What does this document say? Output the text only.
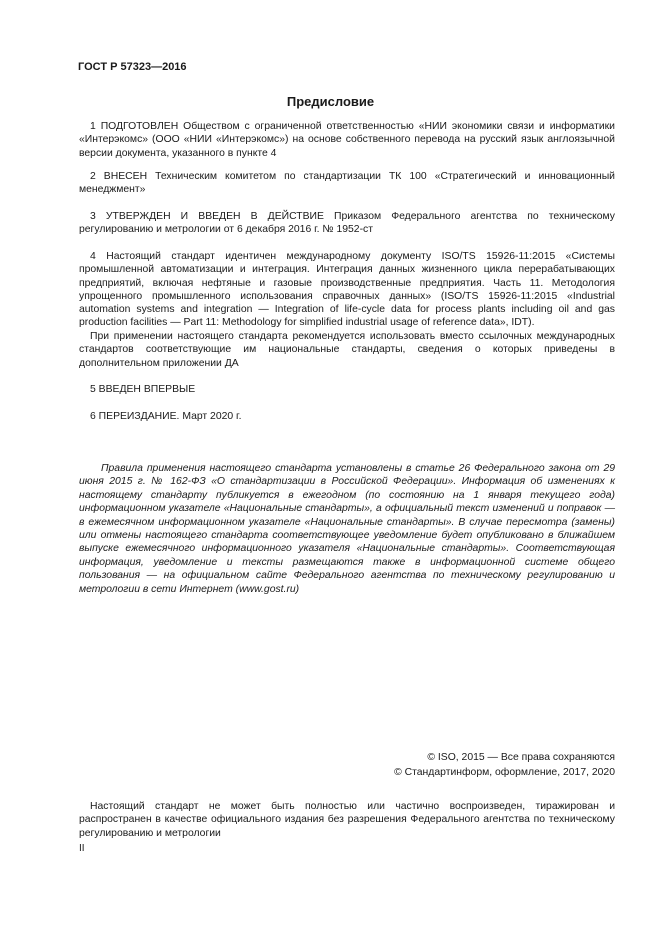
ГОСТ Р 57323—2016
Предисловие
1 ПОДГОТОВЛЕН Обществом с ограниченной ответственностью «НИИ экономики связи и информатики «Интерэкомс» (ООО «НИИ «Интерэкомс») на основе собственного перевода на русский язык англоязычной версии документа, указанного в пункте 4
2 ВНЕСЕН Техническим комитетом по стандартизации ТК 100 «Стратегический и инновационный менеджмент»
3 УТВЕРЖДЕН И ВВЕДЕН В ДЕЙСТВИЕ Приказом Федерального агентства по техническому регулированию и метрологии от 6 декабря 2016 г. № 1952-ст
4 Настоящий стандарт идентичен международному документу ISO/TS 15926-11:2015 «Системы промышленной автоматизации и интеграция. Интеграция данных жизненного цикла перерабатывающих предприятий, включая нефтяные и газовые производственные предприятия. Часть 11. Методология упрощенного промышленного использования справочных данных» (ISO/TS 15926-11:2015 «Industrial automation systems and integration — Integration of life-cycle data for process plants including oil and gas production facilities — Part 11: Methodology for simplified industrial usage of reference data», IDT).
При применении настоящего стандарта рекомендуется использовать вместо ссылочных международных стандартов соответствующие им национальные стандарты, сведения о которых приведены в дополнительном приложении ДА
5 ВВЕДЕН ВПЕРВЫЕ
6 ПЕРЕИЗДАНИЕ. Март 2020 г.
Правила применения настоящего стандарта установлены в статье 26 Федерального закона от 29 июня 2015 г. № 162-ФЗ «О стандартизации в Российской Федерации». Информация об изменениях к настоящему стандарту публикуется в ежегодном (по состоянию на 1 января текущего года) информационном указателе «Национальные стандарты», а официальный текст изменений и поправок — в ежемесячном информационном указателе «Национальные стандарты». В случае пересмотра (замены) или отмены настоящего стандарта соответствующее уведомление будет опубликовано в ближайшем выпуске ежемесячного информационного указателя «Национальные стандарты». Соответствующая информация, уведомление и тексты размещаются также в информационной системе общего пользования — на официальном сайте Федерального агентства по техническому регулированию и метрологии в сети Интернет (www.gost.ru)
© ISO, 2015 — Все права сохраняются
© Стандартинформ, оформление, 2017, 2020
Настоящий стандарт не может быть полностью или частично воспроизведен, тиражирован и распространен в качестве официального издания без разрешения Федерального агентства по техническому регулированию и метрологии
II
